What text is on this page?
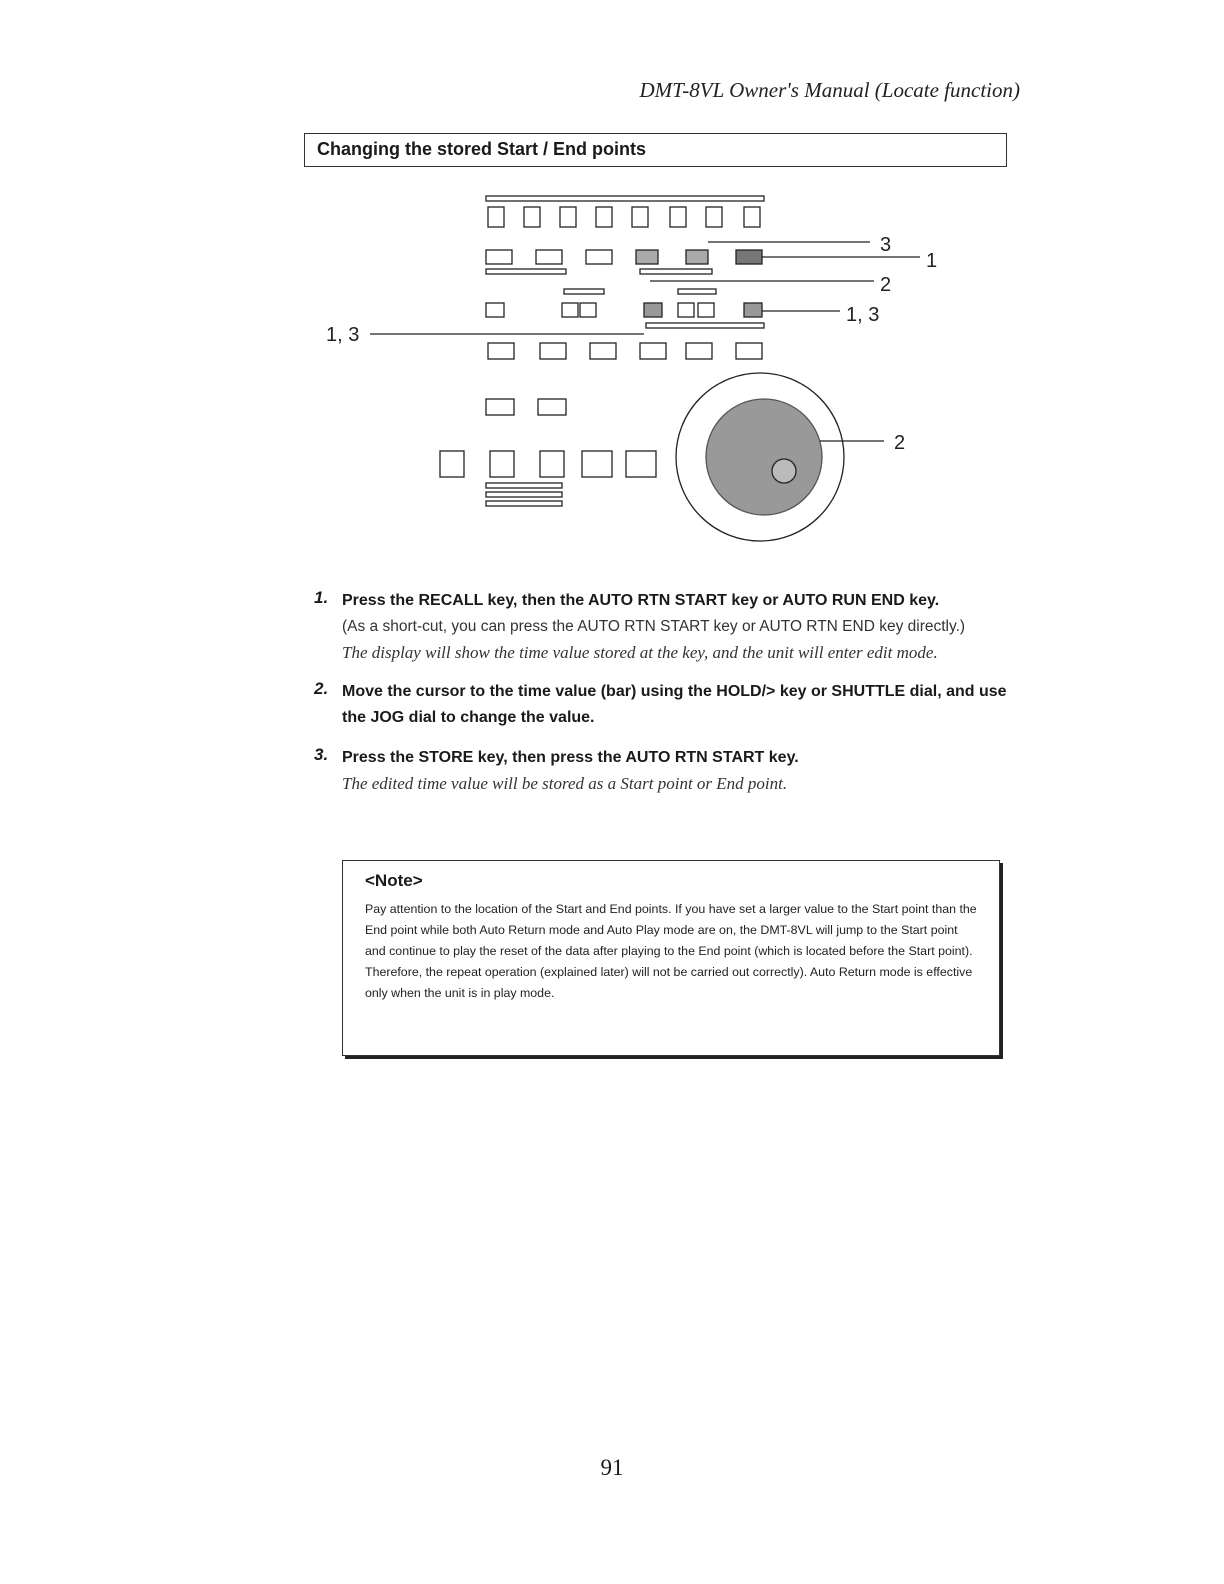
DMT-8VL Owner's Manual (Locate function)
Changing the stored Start / End points
3
1
2
1, 3
1, 3
2
1. Press the RECALL key, then the AUTO RTN START key or AUTO RUN END key.
(As a short-cut, you can press the AUTO RTN START key or AUTO RTN END key directly.)
The display will show the time value stored at the key, and the unit will enter edit mode.
2. Move the cursor to the time value (bar) using the HOLD/> key or SHUTTLE dial, and use the JOG dial to change the value.
3. Press the STORE key, then press the AUTO RTN START key.
The edited time value will be stored as a Start point or End point.
<Note>
Pay attention to the location of the Start and End points. If you have set a larger value to the Start point than the End point while both Auto Return mode and Auto Play mode are on, the DMT-8VL will jump to the Start point and continue to play the reset of the data after playing to the End point (which is located before the Start point). Therefore, the repeat operation (explained later) will not be carried out correctly). Auto Return mode is effective only when the unit is in play mode.
91
